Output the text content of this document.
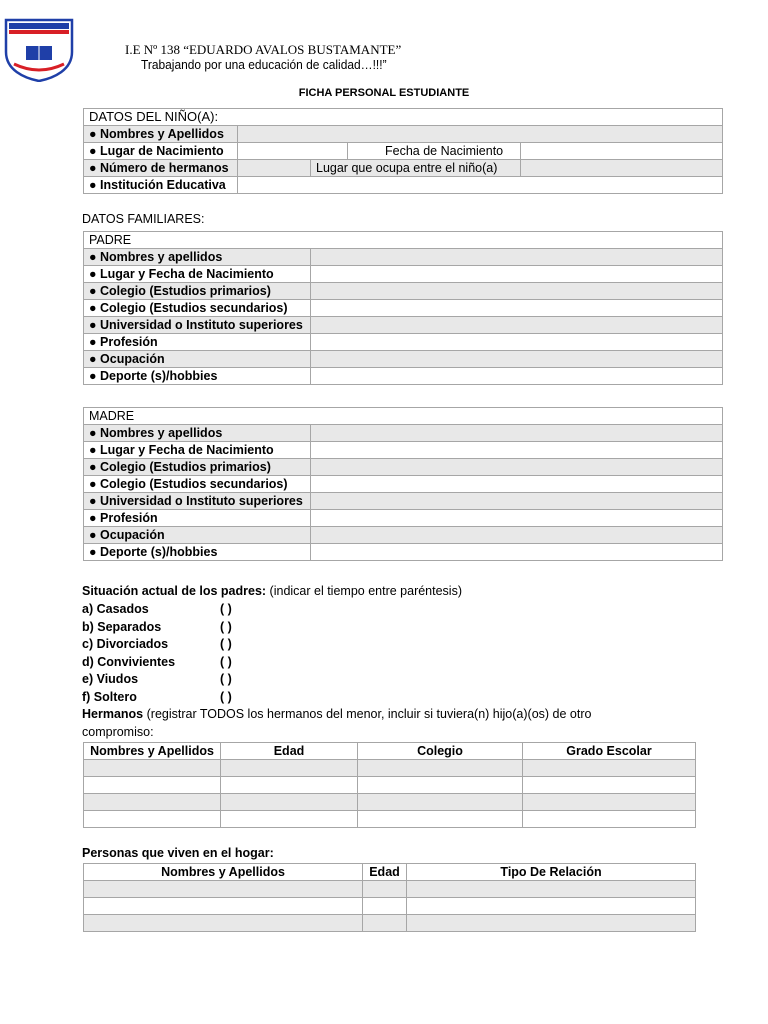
I.E Nº 138 “EDUARDO AVALOS BUSTAMANTE”
Trabajando por una educación de calidad…!!!”
FICHA PERSONAL ESTUDIANTE
DATOS DEL NIÑO(A):				
● Nombres y Apellidos				
● Lugar de Nacimiento			Fecha de Nacimiento	
● Número de hermanos		Lugar que ocupa entre el niño(a)		
● Institución Educativa				
DATOS FAMILIARES:
PADRE	
● Nombres y apellidos	
● Lugar y Fecha de Nacimiento	
● Colegio (Estudios primarios)	
● Colegio (Estudios secundarios)	
● Universidad o Instituto superiores	
● Profesión	
● Ocupación	
● Deporte (s)/hobbies	
MADRE	
● Nombres y apellidos	
● Lugar y Fecha de Nacimiento	
● Colegio (Estudios primarios)	
● Colegio (Estudios secundarios)	
● Universidad o Instituto superiores	
● Profesión	
● Ocupación	
● Deporte (s)/hobbies	
Situación actual de los padres: (indicar el tiempo entre paréntesis)
a) Casados	( )
b) Separados	( )
c) Divorciados	( )
d) Convivientes	( )
e) Viudos	( )
f) Soltero	( )
Hermanos (registrar TODOS los hermanos del menor, incluir si tuviera(n) hijo(a)(os) de otro
compromiso:
Nombres y Apellidos	Edad	Colegio	Grado Escolar

Personas que viven en el hogar:
Nombres y Apellidos	Edad	Tipo De Relación
